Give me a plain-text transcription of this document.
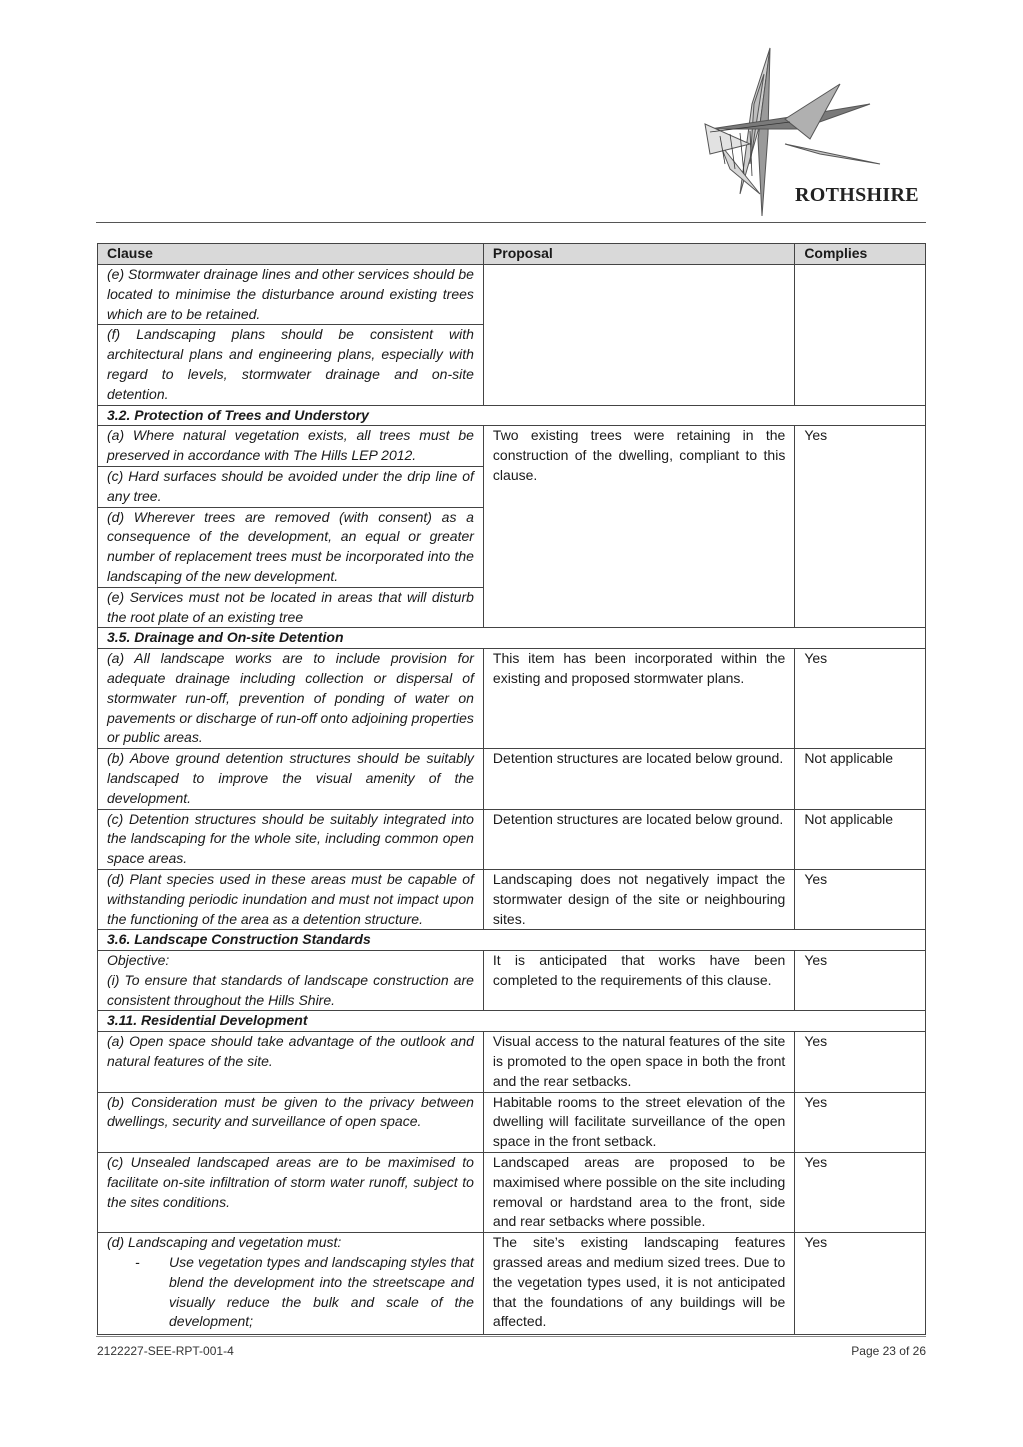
ROTHSHIRE
Clause	Proposal	Complies
(e) Stormwater drainage lines and other services should be located to minimise the disturbance around existing trees which are to be retained.		
(f) Landscaping plans should be consistent with architectural plans and engineering plans, especially with regard to levels, stormwater drainage and on-site detention.		
3.2. Protection of Trees and Understory		
(a) Where natural vegetation exists, all trees must be preserved in accordance with The Hills LEP 2012.	Two existing trees were retaining in the construction of the dwelling, compliant to this clause.	Yes
(c) Hard surfaces should be avoided under the drip line of any tree.		
(d) Wherever trees are removed (with consent) as a consequence of the development, an equal or greater number of replacement trees must be incorporated into the landscaping of the new development.		
(e) Services must not be located in areas that will disturb the root plate of an existing tree		
3.5. Drainage and On-site Detention		
(a) All landscape works are to include provision for adequate drainage including collection or dispersal of stormwater run-off, prevention of ponding of water on pavements or discharge of run-off onto adjoining properties or public areas.	This item has been incorporated within the existing and proposed stormwater plans.	Yes
(b) Above ground detention structures should be suitably landscaped to improve the visual amenity of the development.	Detention structures are located below ground.	Not applicable
(c) Detention structures should be suitably integrated into the landscaping for the whole site, including common open space areas.	Detention structures are located below ground.	Not applicable
(d) Plant species used in these areas must be capable of withstanding periodic inundation and must not impact upon the functioning of the area as a detention structure.	Landscaping does not negatively impact the stormwater design of the site or neighbouring sites.	Yes
3.6. Landscape Construction Standards		

Objective:
(i) To ensure that standards of landscape construction are consistent throughout the Hills Shire.	It is anticipated that works have been completed to the requirements of this clause.	Yes
3.11. Residential Development		
(a) Open space should take advantage of the outlook and natural features of the site.	Visual access to the natural features of the site is promoted to the open space in both the front and the rear setbacks.	Yes
(b) Consideration must be given to the privacy between dwellings, security and surveillance of open space.	Habitable rooms to the street elevation of the dwelling will facilitate surveillance of the open space in the front setback.	Yes
(c) Unsealed landscaped areas are to be maximised to facilitate on-site infiltration of storm water runoff, subject to the sites conditions.	Landscaped areas are proposed to be maximised where possible on the site including removal or hardstand area to the front, side and rear setbacks where possible.	Yes

(d) Landscaping and vegetation must:
- Use vegetation types and landscaping styles that blend the development into the streetscape and visually reduce the bulk and scale of the development;	The site’s existing landscaping features grassed areas and medium sized trees. Due to the vegetation types used, it is not anticipated that the foundations of any buildings will be affected.	Yes
2122227-SEE-RPT-001-4	Page 23 of 26
